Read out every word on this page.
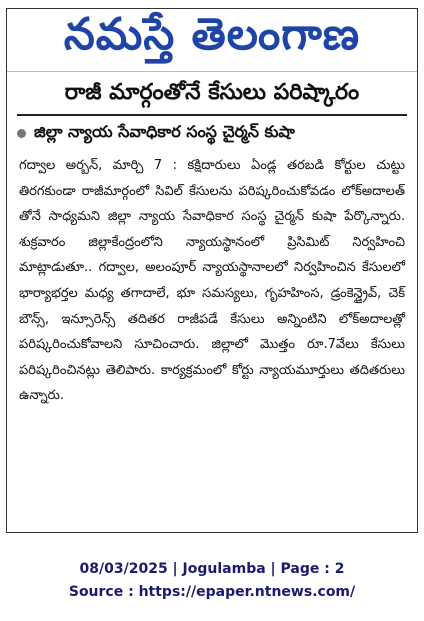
నమస్తే తెలంగాణ
రాజీ మార్గంతోనే కేసులు పరిష్కారం
జిల్లా న్యాయ సేవాధికార సంస్థ చైర్మన్ కుషా
గద్వాల అర్బన్, మార్చి 7 : కక్షిదారులు ఏండ్ల తరబడి కోర్టుల చుట్టు తిరగకుండా రాజీమార్గంలో సివిల్ కేసులను పరిష్కరించుకోవడం లోక్అదాలత్ తోనే సాధ్యమని జిల్లా న్యాయ సేవాధికార సంస్థ చైర్మన్ కుషా పేర్కొన్నారు. శుక్రవారం జిల్లాకేంద్రంలోని న్యాయస్థానంలో ప్రిసిమిట్ నిర్వహించి మాట్లాడుతూ.. గద్వాల, అలంపూర్ న్యాయస్థానాలలో నిర్వహించిన కేసులలో భార్యాభర్తల మధ్య తగాదాలే, భూ సమస్యలు, గృహహింస, డ్రంకెన్డ్రైవ్, చెక్ బౌన్స్, ఇన్సూరెన్స్ తదితర రాజీపడే కేసులు అన్నింటిని లోక్అదాలత్లో పరిష్కరించుకోవాలని సూచించారు. జిల్లాలో మొత్తం రూ.7వేలు కేసులు పరిష్కరించినట్లు తెలిపారు. కార్యక్రమంలో కోర్టు న్యాయమూర్తులు తదితరులు ఉన్నారు.
08/03/2025 | Jogulamba | Page : 2
Source : https://epaper.ntnews.com/
